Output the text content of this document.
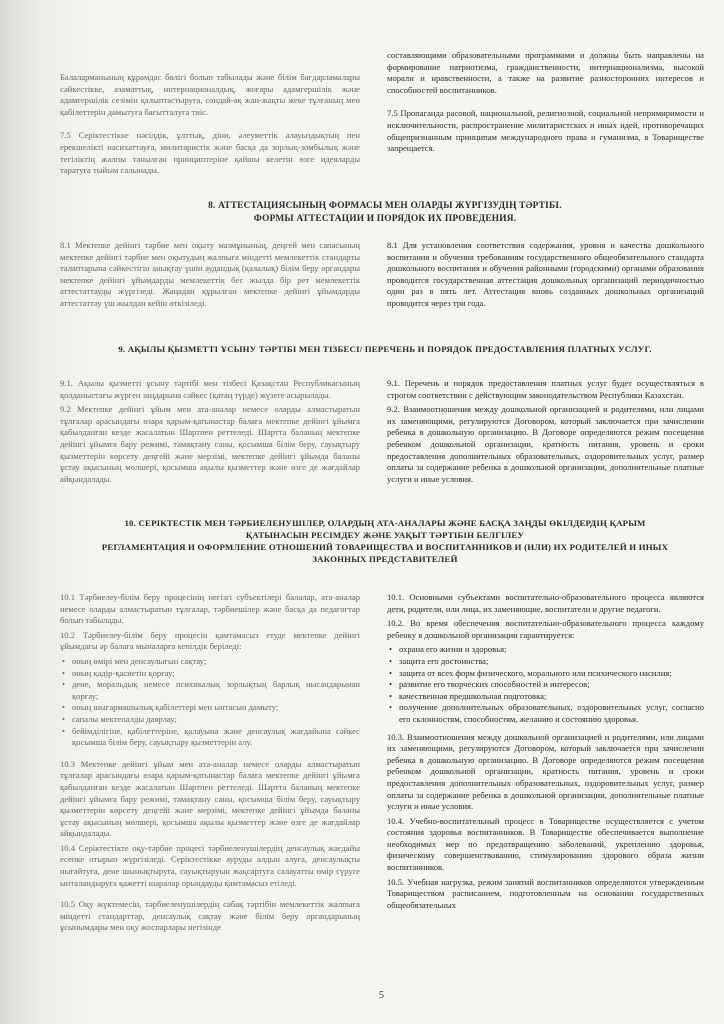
Балаларманының құрамдас бөлігі болып табылады және білім бағдарламалары сәйкестікке, азаматтық, интернационалдық, жоғары адамгершілік және адамгершілік сезімін қалыптастыруға, сондай-ақ жан-жақты жеке тұлғаның мен қабілеттерін дамытуға бағытталуға тиіс.

7.5 Серіктестікке нәсілдік, ұлттық, діни, әлеуметтік алауыздықтың пен ерекшелікті насихаттауға, милитаристік және басқа да зорлық-зомбылық және тегіліктің жалпы танылған принциптеріне қайшы келетін өзге идеяларды таратуға тыйым салынады.

составляющими образовательными программами и должны быть направлены на формирование патриотизма, гражданственности, интернационализма, высокой морали и нравственности, а также на развитие разносторонних интересов и способностей воспитанников.

7.5 Пропаганда расовой, национальной, религиозной, социальной непримиримости и исключительности, распространение милитаристских и иных идей, противоречащих общепризнанным принципам международного права и гуманизма, в Товариществе запрещается.

8. АТТЕСТАЦИЯСЫНЫҢ ФОРМАСЫ МЕН ОЛАРДЫ ЖҮРГІЗУДІҢ ТӘРТІБІ.
ФОРМЫ АТТЕСТАЦИИ И ПОРЯДОК ИХ ПРОВЕДЕНИЯ.

8.1 Мектепке дейінгі тәрбие мен оқыту мазмұнының, деңгей мен сапасының мектепке дейінгі тәрбие мен оқытудың жалпыға міндетті мемлекеттік стандарты талаптарына сәйкестігін анықтау үшін аудандық (қалалық) білім беру органдары мектепке дейінгі ұйымдарды мемлекеттік бес жылда бір рет мемлекеттік аттестаттауды жүргізеді. Жаңадан құрылған мектепке дейінгі ұйымдарды аттестаттау үш жылдан кейін өткізіледі.

8.1 Для установления соответствия содержания, уровня и качества дошкольного воспитания и обучения требованиям государственного общеобязательного стандарта дошкольного воспитания и обучения районными (городскими) органами образования проводится государственная аттестация дошкольных организаций периодичностью один раз в пять лет. Аттестация вновь созданных дошкольных организаций проводится через три года.

9. АҚЫЛЫ ҚЫЗМЕТТІ ҰСЫНУ ТӘРТІБІ МЕН ТІЗБЕСІ/ ПЕРЕЧЕНЬ И ПОРЯДОК ПРЕДОСТАВЛЕНИЯ ПЛАТНЫХ УСЛУГ.

9.1. Ақылы қызметті ұсыну тәртібі мен тізбесі Қазақстан Республикасының қолданыстағы жүрген заңдарына сәйкес (қатаң түрде) жүзеге асырылады.

9.2 Мектепке дейінгі ұйым мен ата-аналар немесе оларды алмастыратын тұлғалар арасындағы өзара қарым-қатынастар балаға мектепке дейінгі ұйымға қабылданған кезде жасалатын Шартпен реттеледі. Шартта баланың мектепке дейінгі ұйымға бару режимі, тамақтану саны, қосымша білім беру, сауықтыру қызметтерін көрсету деңгейі және мерзімі, мектепке дейінгі ұйымда баланы ұстау ақысының мөлшері, қосымша ақылы қызметтер және өзге де жағдайлар айқындалады.

9.1. Перечень и порядок предоставления платных услуг будет осуществляться в строгом соответствии с действующим законодательством Республики Казахстан.

9.2. Взаимоотношения между дошкольной организацией и родителями, или лицами их заменяющими, регулируются Договором, который заключается при зачислении ребенка в дошкольную организацию. В Договоре определяются режим посещения ребенком дошкольной организации, кратность питания, уровень и сроки предоставления дополнительных образовательных, оздоровительных услуг, размер оплаты за содержание ребенка в дошкольной организации, дополнительные платные услуги и иные условия.

10. СЕРІКТЕСТІК МЕН ТӘРБИЕЛЕНУШІЛЕР, ОЛАРДЫҢ АТА-АНАЛАРЫ ЖӘНЕ БАСҚА ЗАҢДЫ ӨКІЛДЕРДІҢ ҚАРЫМ
ҚАТЫНАСЫН РЕСІМДЕУ ЖӘНЕ УАҚЫТ ТӘРТІБІН БЕЛГІЛЕУ
РЕГЛАМЕНТАЦИЯ И ОФОРМЛЕНИЕ ОТНОШЕНИЙ ТОВАРИЩЕСТВА И ВОСПИТАННИКОВ И (ИЛИ) ИХ РОДИТЕЛЕЙ И ИНЫХ
ЗАКОННЫХ ПРЕДСТАВИТЕЛЕЙ

10.1 Тәрбиелеу-білім беру процесінің негізгі субъектілері балалар, ата-аналар немесе оларды алмастыратын тұлғалар, тәрбиешілер және басқа да педагогтар болып табылады.

10.2 Тәрбиелеу-білім беру процесін қамтамасыз етуде мектепке дейінгі ұйымдағы әр балаға мыналарға кепілдік беріледі:

• оның өмірі мен денсаулығын сақтау;
• оның қадір-қасиетін қорғау;
• дене, моральдық немесе психикалық зорлықтың барлық нысандарынан қорғау;
• оның шығармашылық қабілеттері мен ынтасын дамыту;
• сапалы мектепалды даярлау;
• бейімділігіне, қабілеттеріне, қалауына және денсаулық жағдайына сәйкес қосымша білім беру, сауықтыру қызметтерін алу.

10.3 Мектепке дейінгі ұйым мен ата-аналар немесе оларды алмастыратын тұлғалар арасындағы өзара қарым-қатынастар балаға мектепке дейінгі ұйымға қабылданған кезде жасалатын Шартпен реттеледі. Шартта баланың мектепке дейінгі ұйымға бару режимі, тамақтану саны, қосымша білім беру, сауықтыру қызметтерін көрсету деңгейі және мерзімі, мектепке дейінгі ұйымда баланы ұстау ақысының мөлшері, қосымша ақылы қызметтер және өзге де жағдайлар айқындалады.

10.4 Серіктестікте оқу-тәрбие процесі тәрбиеленушілердің денсаулық жағдайы есепке отырып жүргізіледі. Серіктестікке ауруды алдын алуға, денсаулықты нығайтуға, дене шынықтыруға, сауықтыруын жақсартуға салауатты өмір сүруге ынталандыруға қажетті шаралар орындауды қамтамасыз етіледі.

10.5 Оқу жүктемесін, тәрбиеленушілердің сабақ тәртібін мемлекеттік жалпыға міндетті стандарттар, денсаулық сақтау және білім беру органдарының ұсынымдары мен оқу жоспарлары негізінде

10.1. Основными субъектами воспитательно-образовательного процесса являются дети, родители, или лица, их заменяющие, воспитатели и другие педагоги.

10.2. Во время обеспечения воспитательно-образовательного процесса каждому ребенку в дошкольной организации гарантируется:

• охрана его жизни и здоровья;
• защита его достоинства;
• защита от всех форм физического, морального или психического насилия;
• развитие его творческих способностей и интересов;
• качественная предшкольная подготовка;
• получение дополнительных образовательных, оздоровительных услуг, согласно его склонностям, способностям, желанию и состоянию здоровья.

10.3. Взаимоотношения между дошкольной организацией и родителями, или лицами их заменяющими, регулируются Договором, который заключается при зачислении ребенка в дошкольную организацию. В Договоре определяются режим посещения ребенком дошкольной организации, кратность питания, уровень и сроки предоставления дополнительных образовательных, оздоровительных услуг, размер оплаты за содержание ребенка в дошкольной организации, дополнительные платные услуги и иные условия.

10.4. Учебно-воспитательный процесс в Товариществе осуществляется с учетом состояния здоровья воспитанников. В Товариществе обеспечивается выполнение необходимых мер по предотвращению заболеваний, укреплению здоровья, физическому совершенствованию, стимулированию здорового образа жизни воспитанников.

10.5. Учебная нагрузка, режим занятий воспитанников определяются утвержденным Товариществом расписанием, подготовленным на основании государственных общеобязательных

5
